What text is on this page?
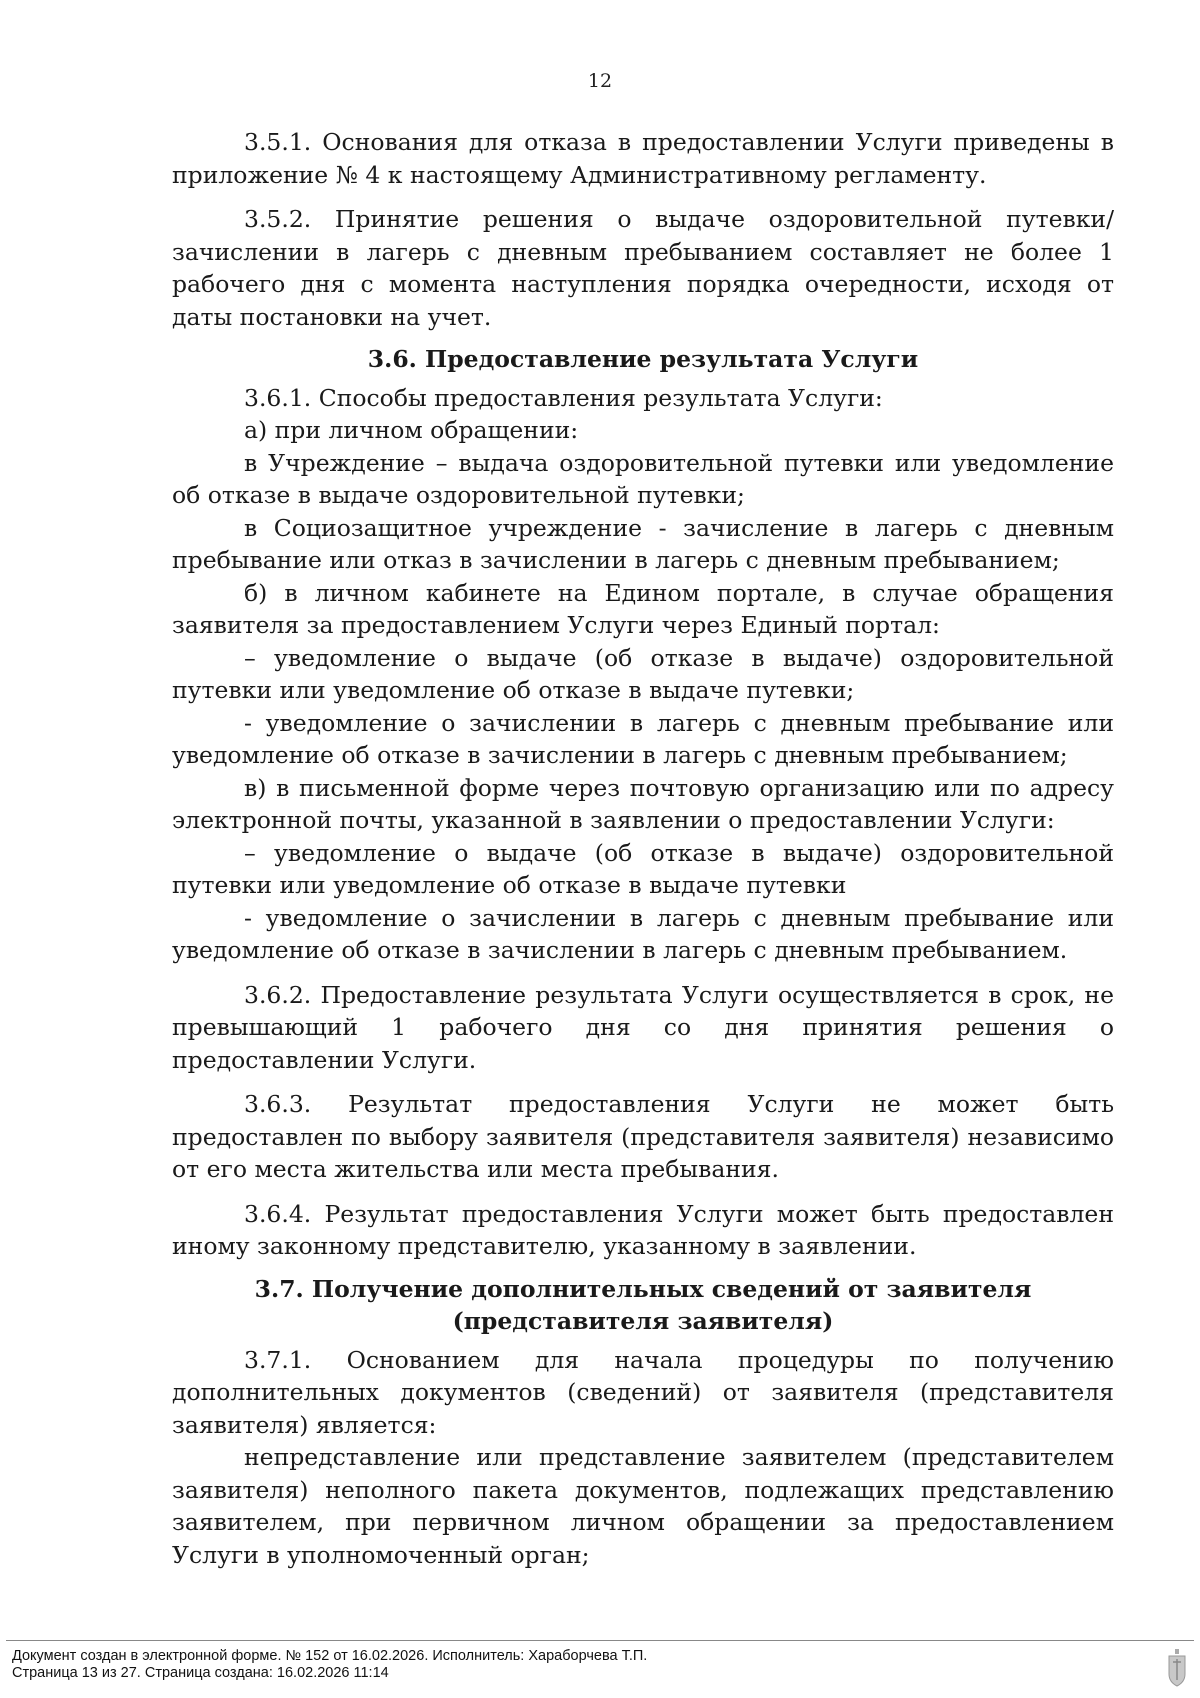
12

3.5.1. Основания для отказа в предоставлении Услуги приведены в приложение № 4 к настоящему Административному регламенту.

3.5.2. Принятие решения о выдаче оздоровительной путевки/зачислении в лагерь с дневным пребыванием составляет не более 1 рабочего дня с момента наступления порядка очередности, исходя от даты постановки на учет.

3.6. Предоставление результата Услуги

3.6.1. Способы предоставления результата Услуги:

а) при личном обращении:

в Учреждение – выдача оздоровительной путевки или уведомление об отказе в выдаче оздоровительной путевки;

в Социозащитное учреждение - зачисление в лагерь с дневным пребывание или отказ в зачислении в лагерь с дневным пребыванием;

б) в личном кабинете на Едином портале, в случае обращения заявителя за предоставлением Услуги через Единый портал:

– уведомление о выдаче (об отказе в выдаче) оздоровительной путевки или уведомление об отказе в выдаче путевки;

- уведомление о зачислении в лагерь с дневным пребывание или уведомление об отказе в зачислении в лагерь с дневным пребыванием;

в) в письменной форме через почтовую организацию или по адресу электронной почты, указанной в заявлении о предоставлении Услуги:

– уведомление о выдаче (об отказе в выдаче) оздоровительной путевки или уведомление об отказе в выдаче путевки

- уведомление о зачислении в лагерь с дневным пребывание или уведомление об отказе в зачислении в лагерь с дневным пребыванием.

3.6.2. Предоставление результата Услуги осуществляется в срок, не превышающий 1 рабочего дня со дня принятия решения о предоставлении Услуги.

3.6.3. Результат предоставления Услуги не может быть предоставлен по выбору заявителя (представителя заявителя) независимо от его места жительства или места пребывания.

3.6.4. Результат предоставления Услуги может быть предоставлен иному законному представителю, указанному в заявлении.

3.7. Получение дополнительных сведений от заявителя (представителя заявителя)

3.7.1. Основанием для начала процедуры по получению дополнительных документов (сведений) от заявителя (представителя заявителя) является:

непредставление или представление заявителем (представителем заявителя) неполного пакета документов, подлежащих представлению заявителем, при первичном личном обращении за предоставлением Услуги в уполномоченный орган;

Документ создан в электронной форме. № 152 от 16.02.2026. Исполнитель: Хараборчева Т.П.
Страница 13 из 27. Страница создана: 16.02.2026 11:14
